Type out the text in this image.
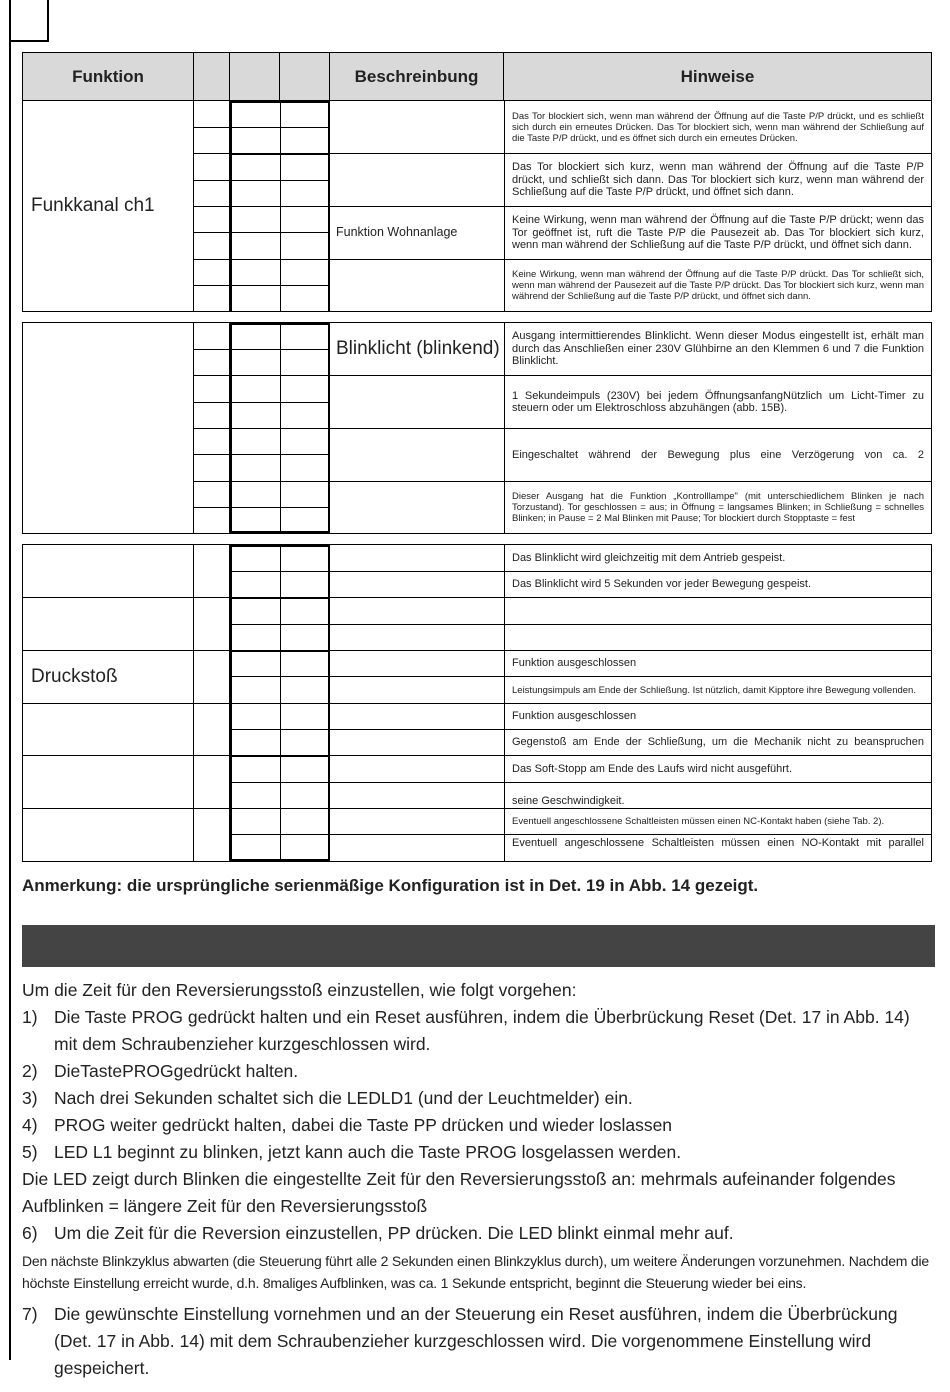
Funktion	Beschreinbung	Hinweise
Funkkanal ch1
Funktion Wohnanlage
Das Tor blockiert sich, wenn man während der Öffnung auf die Taste P/P drückt, und es schließt sich durch ein erneutes Drücken. Das Tor blockiert sich, wenn man während der Schließung auf die Taste P/P drückt, und es öffnet sich durch ein erneutes Drücken.
Das Tor blockiert sich kurz, wenn man während der Öffnung auf die Taste P/P drückt, und schließt sich dann. Das Tor blockiert sich kurz, wenn man während der Schließung auf die Taste P/P drückt, und öffnet sich dann.
Keine Wirkung, wenn man während der Öffnung auf die Taste P/P drückt; wenn das Tor geöffnet ist, ruft die Taste P/P die Pausezeit ab. Das Tor blockiert sich kurz, wenn man während der Schließung auf die Taste P/P drückt, und öffnet sich dann.
Keine Wirkung, wenn man während der Öffnung auf die Taste P/P drückt. Das Tor schließt sich, wenn man während der Pausezeit auf die Taste P/P drückt. Das Tor blockiert sich kurz, wenn man während der Schließung auf die Taste P/P drückt, und öffnet sich dann.
Blinklicht (blinkend)
Ausgang intermittierendes Blinklicht. Wenn dieser Modus eingestellt ist, erhält man durch das Anschließen einer 230V Glühbirne an den Klemmen 6 und 7 die Funktion Blinklicht.
1 Sekundeimpuls (230V) bei jedem ÖffnungsanfangNützlich um Licht-Timer zu steuern oder um Elektroschloss abzuhängen (abb. 15B).
Eingeschaltet während der Bewegung plus eine Verzögerung von ca. 2
Dieser Ausgang hat die Funktion „Kontrolllampe" (mit unterschiedlichem Blinken je nach Torzustand). Tor geschlossen = aus; in Öffnung = langsames Blinken; in Schließung = schnelles Blinken; in Pause = 2 Mal Blinken mit Pause; Tor blockiert durch Stopptaste = fest
Druckstoß
Das Blinklicht wird gleichzeitig mit dem Antrieb gespeist.
Das Blinklicht wird 5 Sekunden vor jeder Bewegung gespeist.
Funktion ausgeschlossen
Leistungsimpuls am Ende der Schließung. Ist nützlich, damit Kipptore ihre Bewegung vollenden.
Funktion ausgeschlossen
Gegenstoß am Ende der Schließung, um die Mechanik nicht zu beanspruchen
Das Soft-Stopp am Ende des Laufs wird nicht ausgeführt.
seine Geschwindigkeit.
Eventuell angeschlossene Schaltleisten müssen einen NC-Kontakt haben (siehe Tab. 2).
Eventuell angeschlossene Schaltleisten müssen einen NO-Kontakt mit parallel
Anmerkung: die ursprüngliche serienmäßige Konfiguration ist in Det. 19 in Abb. 14 gezeigt.
Um die Zeit für den Reversierungsstoß einzustellen, wie folgt vorgehen:
1) Die Taste PROG gedrückt halten und ein Reset ausführen, indem die Überbrückung Reset (Det. 17 in Abb. 14) mit dem Schraubenzieher kurzgeschlossen wird.
2) DieTastePROGgedrückt halten.
3) Nach drei Sekunden schaltet sich die LEDLD1 (und der Leuchtmelder) ein.
4) PROG weiter gedrückt halten, dabei die Taste PP drücken und wieder loslassen
5) LED L1 beginnt zu blinken, jetzt kann auch die Taste PROG losgelassen werden.
Die LED zeigt durch Blinken die eingestellte Zeit für den Reversierungsstoß an: mehrmals aufeinander folgendes Aufblinken = längere Zeit für den Reversierungsstoß
6) Um die Zeit für die Reversion einzustellen, PP drücken. Die LED blinkt einmal mehr auf.
Den nächste Blinkzyklus abwarten (die Steuerung führt alle 2 Sekunden einen Blinkzyklus durch), um weitere Änderungen vorzunehmen. Nachdem die höchste Einstellung erreicht wurde, d.h. 8maliges Aufblinken, was ca. 1 Sekunde entspricht, beginnt die Steuerung wieder bei eins.
7) Die gewünschte Einstellung vornehmen und an der Steuerung ein Reset ausführen, indem die Überbrückung (Det. 17 in Abb. 14) mit dem Schraubenzieher kurzgeschlossen wird. Die vorgenommene Einstellung wird gespeichert.
